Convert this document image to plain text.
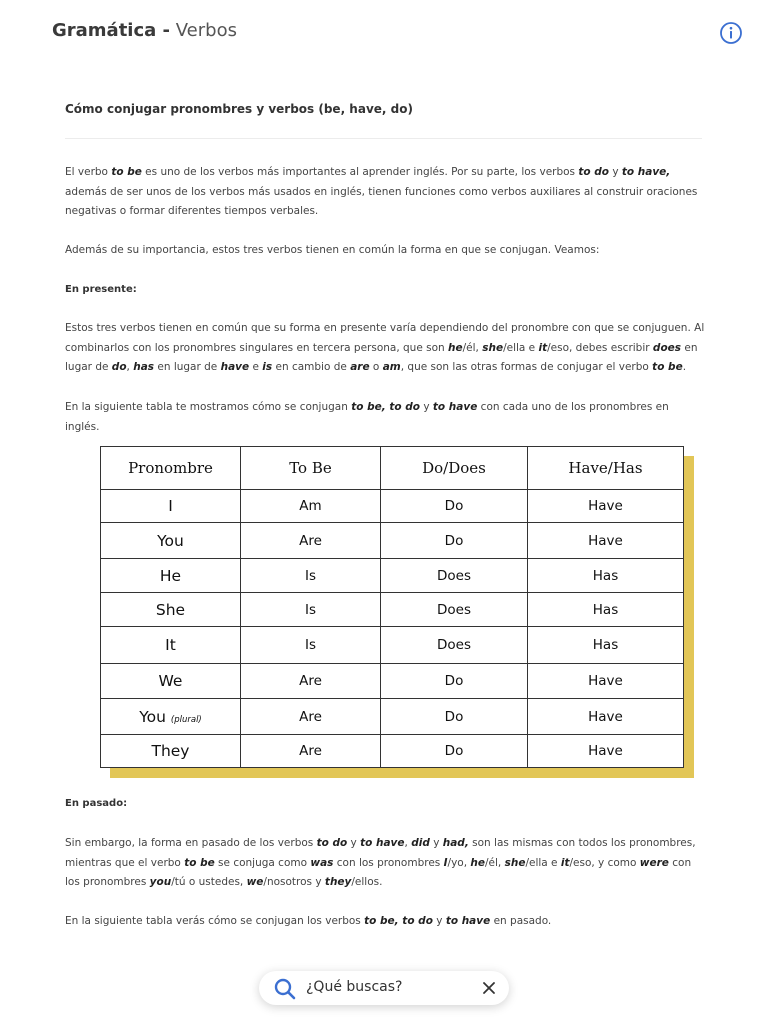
Gramática - Verbos
Cómo conjugar pronombres y verbos (be, have, do)
El verbo to be es uno de los verbos más importantes al aprender inglés. Por su parte, los verbos to do y to have, además de ser unos de los verbos más usados en inglés, tienen funciones como verbos auxiliares al construir oraciones negativas o formar diferentes tiempos verbales.
Además de su importancia, estos tres verbos tienen en común la forma en que se conjugan. Veamos:
En presente:
Estos tres verbos tienen en común que su forma en presente varía dependiendo del pronombre con que se conjuguen. Al combinarlos con los pronombres singulares en tercera persona, que son he/él, she/ella e it/eso, debes escribir does en lugar de do, has en lugar de have e is en cambio de are o am, que son las otras formas de conjugar el verbo to be.
En la siguiente tabla te mostramos cómo se conjugan to be, to do y to have con cada uno de los pronombres en inglés.
Pronombre	To Be	Do/Does	Have/Has
I	Am	Do	Have
You	Are	Do	Have
He	Is	Does	Has
She	Is	Does	Has
It	Is	Does	Has
We	Are	Do	Have
You (plural)	Are	Do	Have
They	Are	Do	Have
En pasado:
Sin embargo, la forma en pasado de los verbos to do y to have, did y had, son las mismas con todos los pronombres, mientras que el verbo to be se conjuga como was con los pronombres I/yo, he/él, she/ella e it/eso, y como were con los pronombres you/tú o ustedes, we/nosotros y they/ellos.
En la siguiente tabla verás cómo se conjugan los verbos to be, to do y to have en pasado.
¿Qué buscas?
